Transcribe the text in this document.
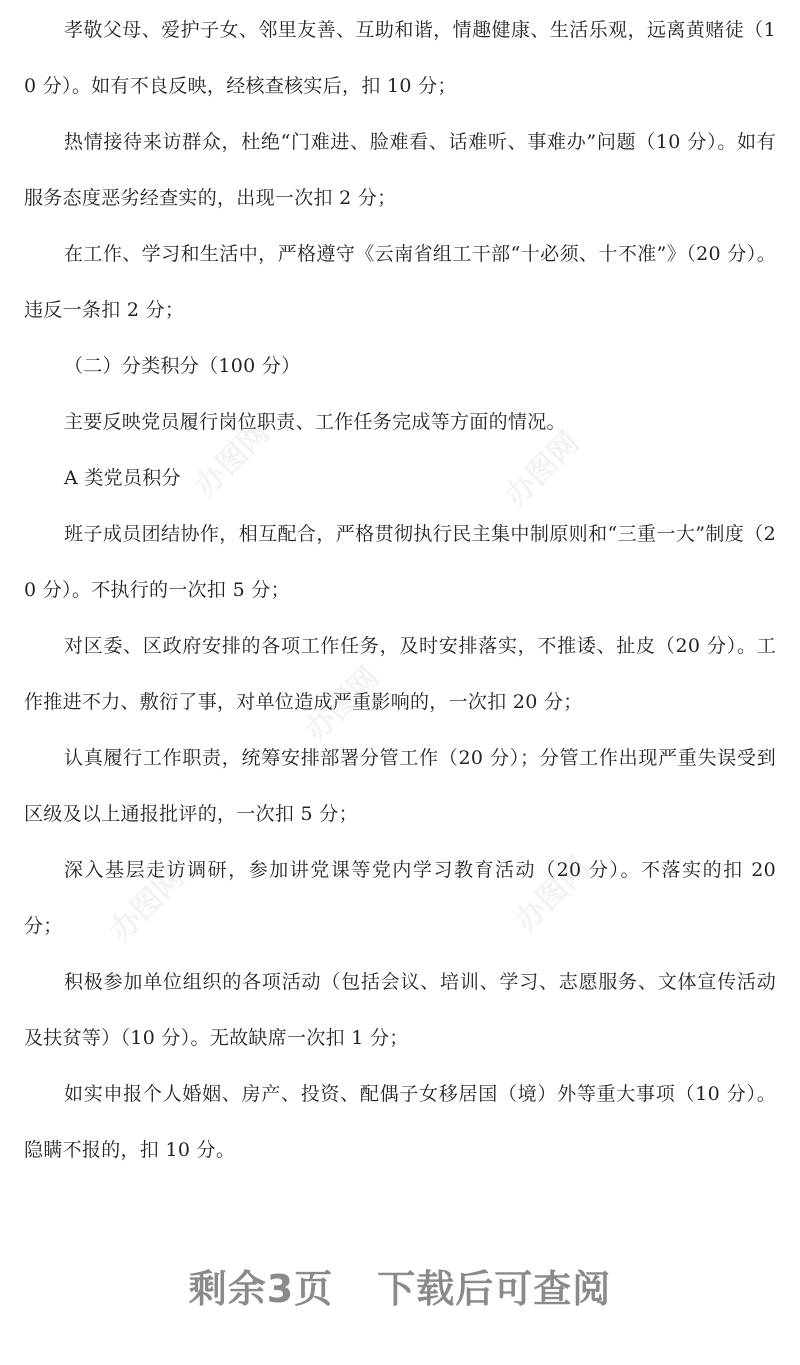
孝敬父母、爱护子女、邻里友善、互助和谐，情趣健康、生活乐观，远离黄赌徒（10 分）。如有不良反映，经核查核实后，扣 10 分；
热情接待来访群众，杜绝“门难进、脸难看、话难听、事难办”问题（10 分）。如有服务态度恶劣经查实的，出现一次扣 2 分；
在工作、学习和生活中，严格遵守《云南省组工干部“十必须、十不准”》（20 分）。违反一条扣 2 分；
（二）分类积分（100 分）
主要反映党员履行岗位职责、工作任务完成等方面的情况。
A 类党员积分
班子成员团结协作，相互配合，严格贯彻执行民主集中制原则和“三重一大”制度（20 分）。不执行的一次扣 5 分；
对区委、区政府安排的各项工作任务，及时安排落实，不推诿、扯皮（20 分）。工作推进不力、敷衍了事，对单位造成严重影响的，一次扣 20 分；
认真履行工作职责，统筹安排部署分管工作（20 分）；分管工作出现严重失误受到区级及以上通报批评的，一次扣 5 分；
深入基层走访调研，参加讲党课等党内学习教育活动（20 分）。不落实的扣 20 分；
积极参加单位组织的各项活动（包括会议、培训、学习、志愿服务、文体宣传活动及扶贫等）（10 分）。无故缺席一次扣 1 分；
如实申报个人婚姻、房产、投资、配偶子女移居国（境）外等重大事项（10 分）。隐瞒不报的，扣 10 分。
办图网	办图网
办图网
办图网
办图网
剩余3页 下载后可查阅
